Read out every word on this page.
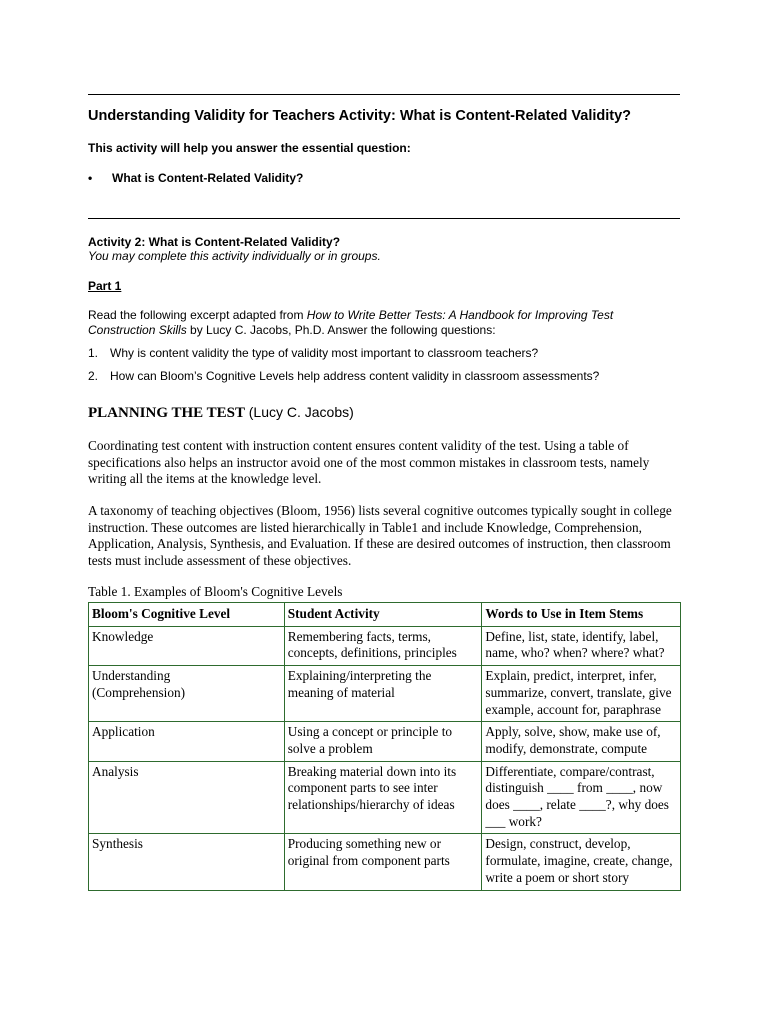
Understanding Validity for Teachers Activity: What is Content-Related Validity?
This activity will help you answer the essential question:
• What is Content-Related Validity?
Activity 2: What is Content-Related Validity?
You may complete this activity individually or in groups.
Part 1
Read the following excerpt adapted from How to Write Better Tests: A Handbook for Improving Test Construction Skills by Lucy C. Jacobs, Ph.D. Answer the following questions:
1. Why is content validity the type of validity most important to classroom teachers?
2. How can Bloom’s Cognitive Levels help address content validity in classroom assessments?
PLANNING THE TEST (Lucy C. Jacobs)
Coordinating test content with instruction content ensures content validity of the test. Using a table of specifications also helps an instructor avoid one of the most common mistakes in classroom tests, namely writing all the items at the knowledge level.
A taxonomy of teaching objectives (Bloom, 1956) lists several cognitive outcomes typically sought in college instruction. These outcomes are listed hierarchically in Table1 and include Knowledge, Comprehension, Application, Analysis, Synthesis, and Evaluation. If these are desired outcomes of instruction, then classroom tests must include assessment of these objectives.
Table 1. Examples of Bloom's Cognitive Levels
Bloom's Cognitive Level	Student Activity	Words to Use in Item Stems
Knowledge	Remembering facts, terms, concepts, definitions, principles	Define, list, state, identify, label, name, who? when? where? what?
Understanding (Comprehension)	Explaining/interpreting the meaning of material	Explain, predict, interpret, infer, summarize, convert, translate, give example, account for, paraphrase
Application	Using a concept or principle to solve a problem	Apply, solve, show, make use of, modify, demonstrate, compute
Analysis	Breaking material down into its component parts to see inter relationships/hierarchy of ideas	Differentiate, compare/contrast, distinguish ____ from ____, now does ____, relate ____?, why does ___ work?
Synthesis	Producing something new or original from component parts	Design, construct, develop, formulate, imagine, create, change, write a poem or short story
